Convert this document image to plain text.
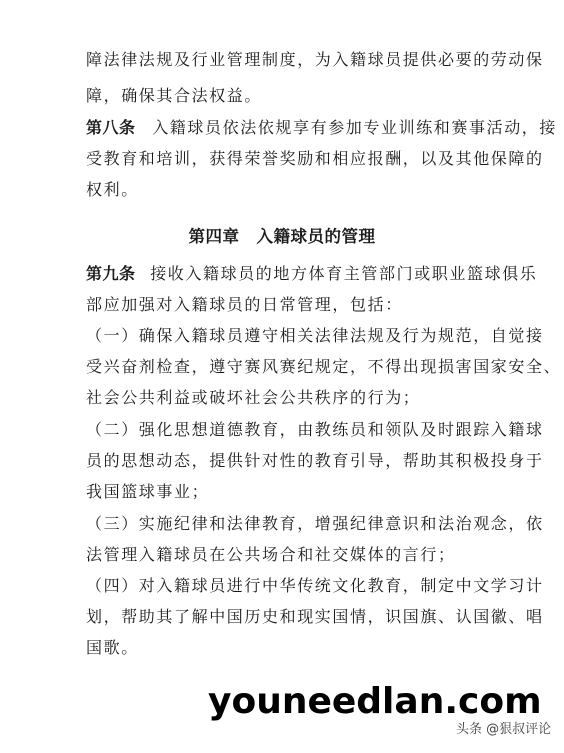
障法律法规及行业管理制度，为入籍球员提供必要的劳动保
障，确保其合法权益。
第八条 入籍球员依法依规享有参加专业训练和赛事活动，接
受教育和培训，获得荣誉奖励和相应报酬，以及其他保障的
权利。
第四章　入籍球员的管理
第九条 接收入籍球员的地方体育主管部门或职业篮球俱乐
部应加强对入籍球员的日常管理，包括：
（一）确保入籍球员遵守相关法律法规及行为规范，自觉接
受兴奋剂检查，遵守赛风赛纪规定，不得出现损害国家安全、
社会公共利益或破坏社会公共秩序的行为；
（二）强化思想道德教育，由教练员和领队及时跟踪入籍球
员的思想动态，提供针对性的教育引导，帮助其积极投身于
我国篮球事业；
（三）实施纪律和法律教育，增强纪律意识和法治观念，依
法管理入籍球员在公共场合和社交媒体的言行；
（四）对入籍球员进行中华传统文化教育，制定中文学习计
划，帮助其了解中国历史和现实国情，识国旗、认国徽、唱
国歌。
youneedlan.com
头条 @狠叔评论
